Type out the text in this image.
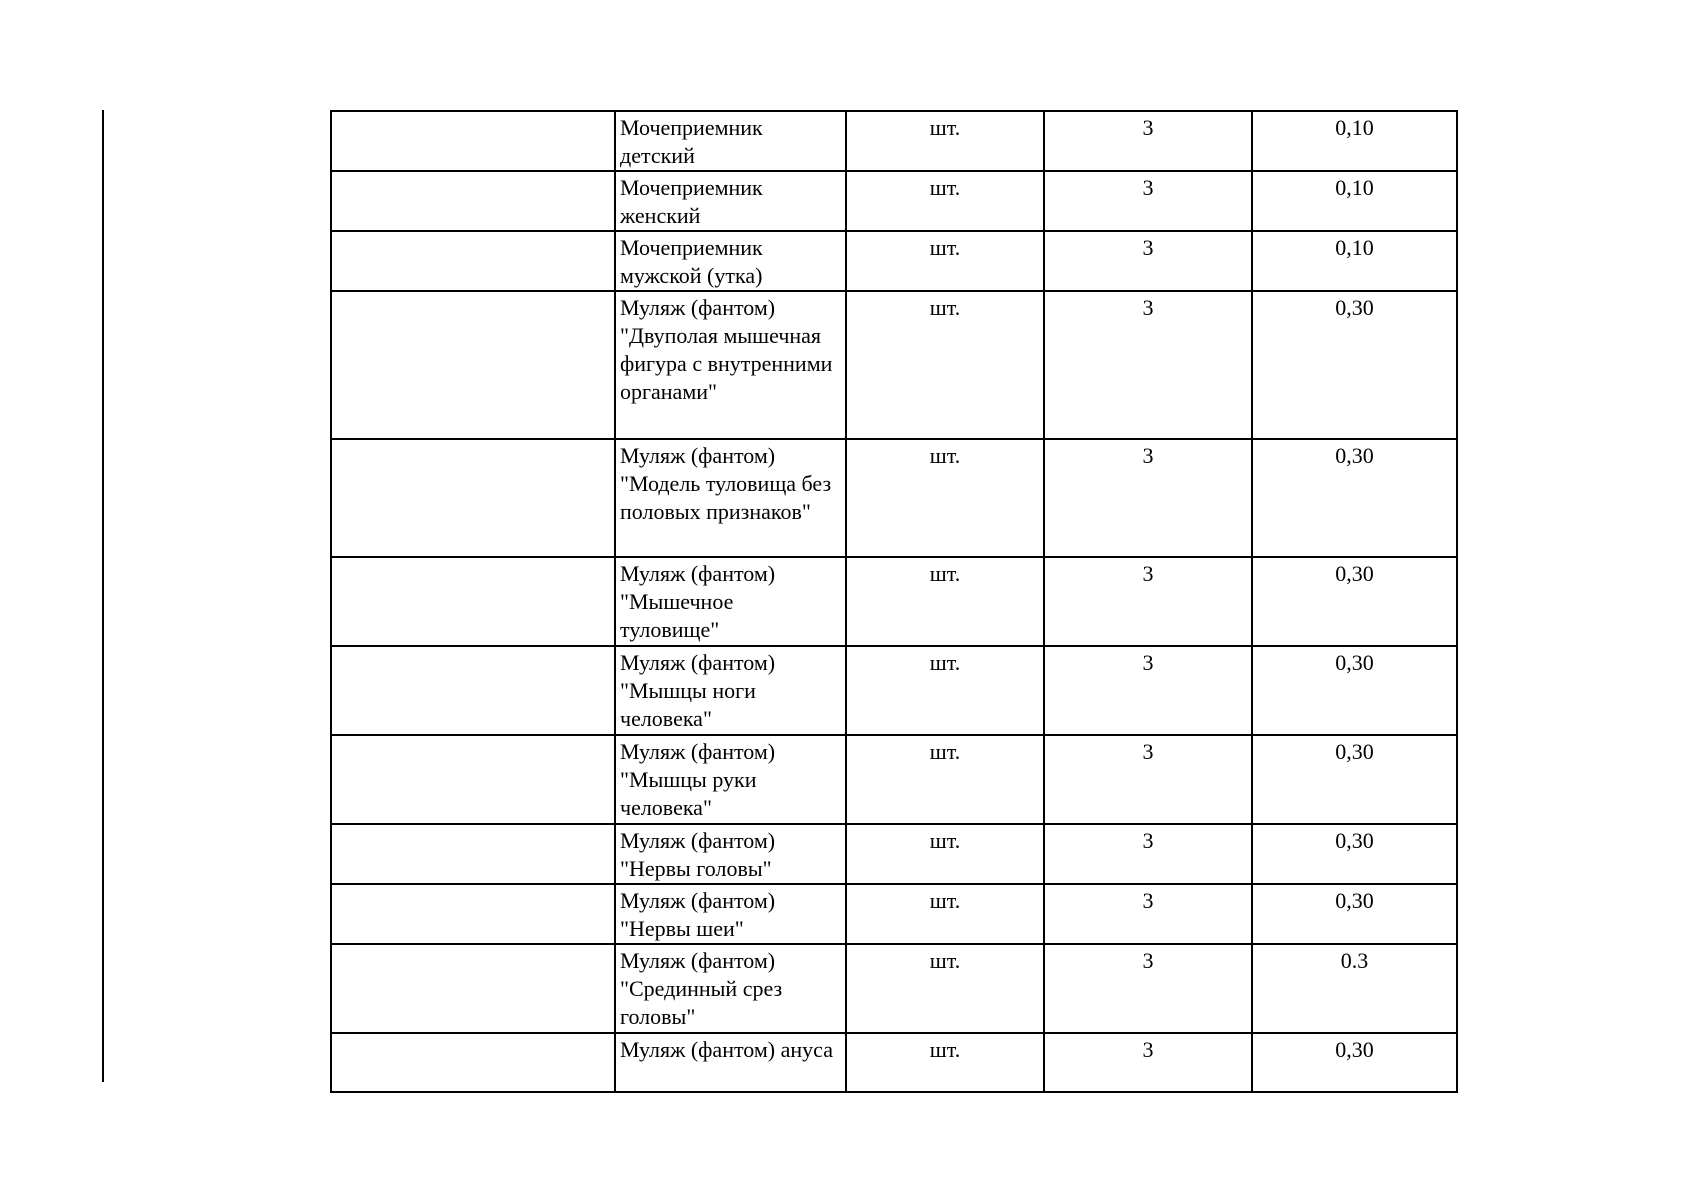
	Мочеприемник
детский	шт.	3	0,10
	Мочеприемник
женский	шт.	3	0,10
	Мочеприемник
мужской (утка)	шт.	3	0,10
	Муляж (фантом)
"Двуполая мышечная
фигура с внутренними
органами"	шт.	3	0,30
	Муляж (фантом)
"Модель туловища без
половых признаков"	шт.	3	0,30
	Муляж (фантом)
"Мышечное
туловище"	шт.	3	0,30
	Муляж (фантом)
"Мышцы ноги
человека"	шт.	3	0,30
	Муляж (фантом)
"Мышцы руки
человека"	шт.	3	0,30
	Муляж (фантом)
"Нервы головы"	шт.	3	0,30
	Муляж (фантом)
"Нервы шеи"	шт.	3	0,30
	Муляж (фантом)
"Срединный срез
головы"	шт.	3	0.3
	Муляж (фантом) ануса	шт.	3	0,30
